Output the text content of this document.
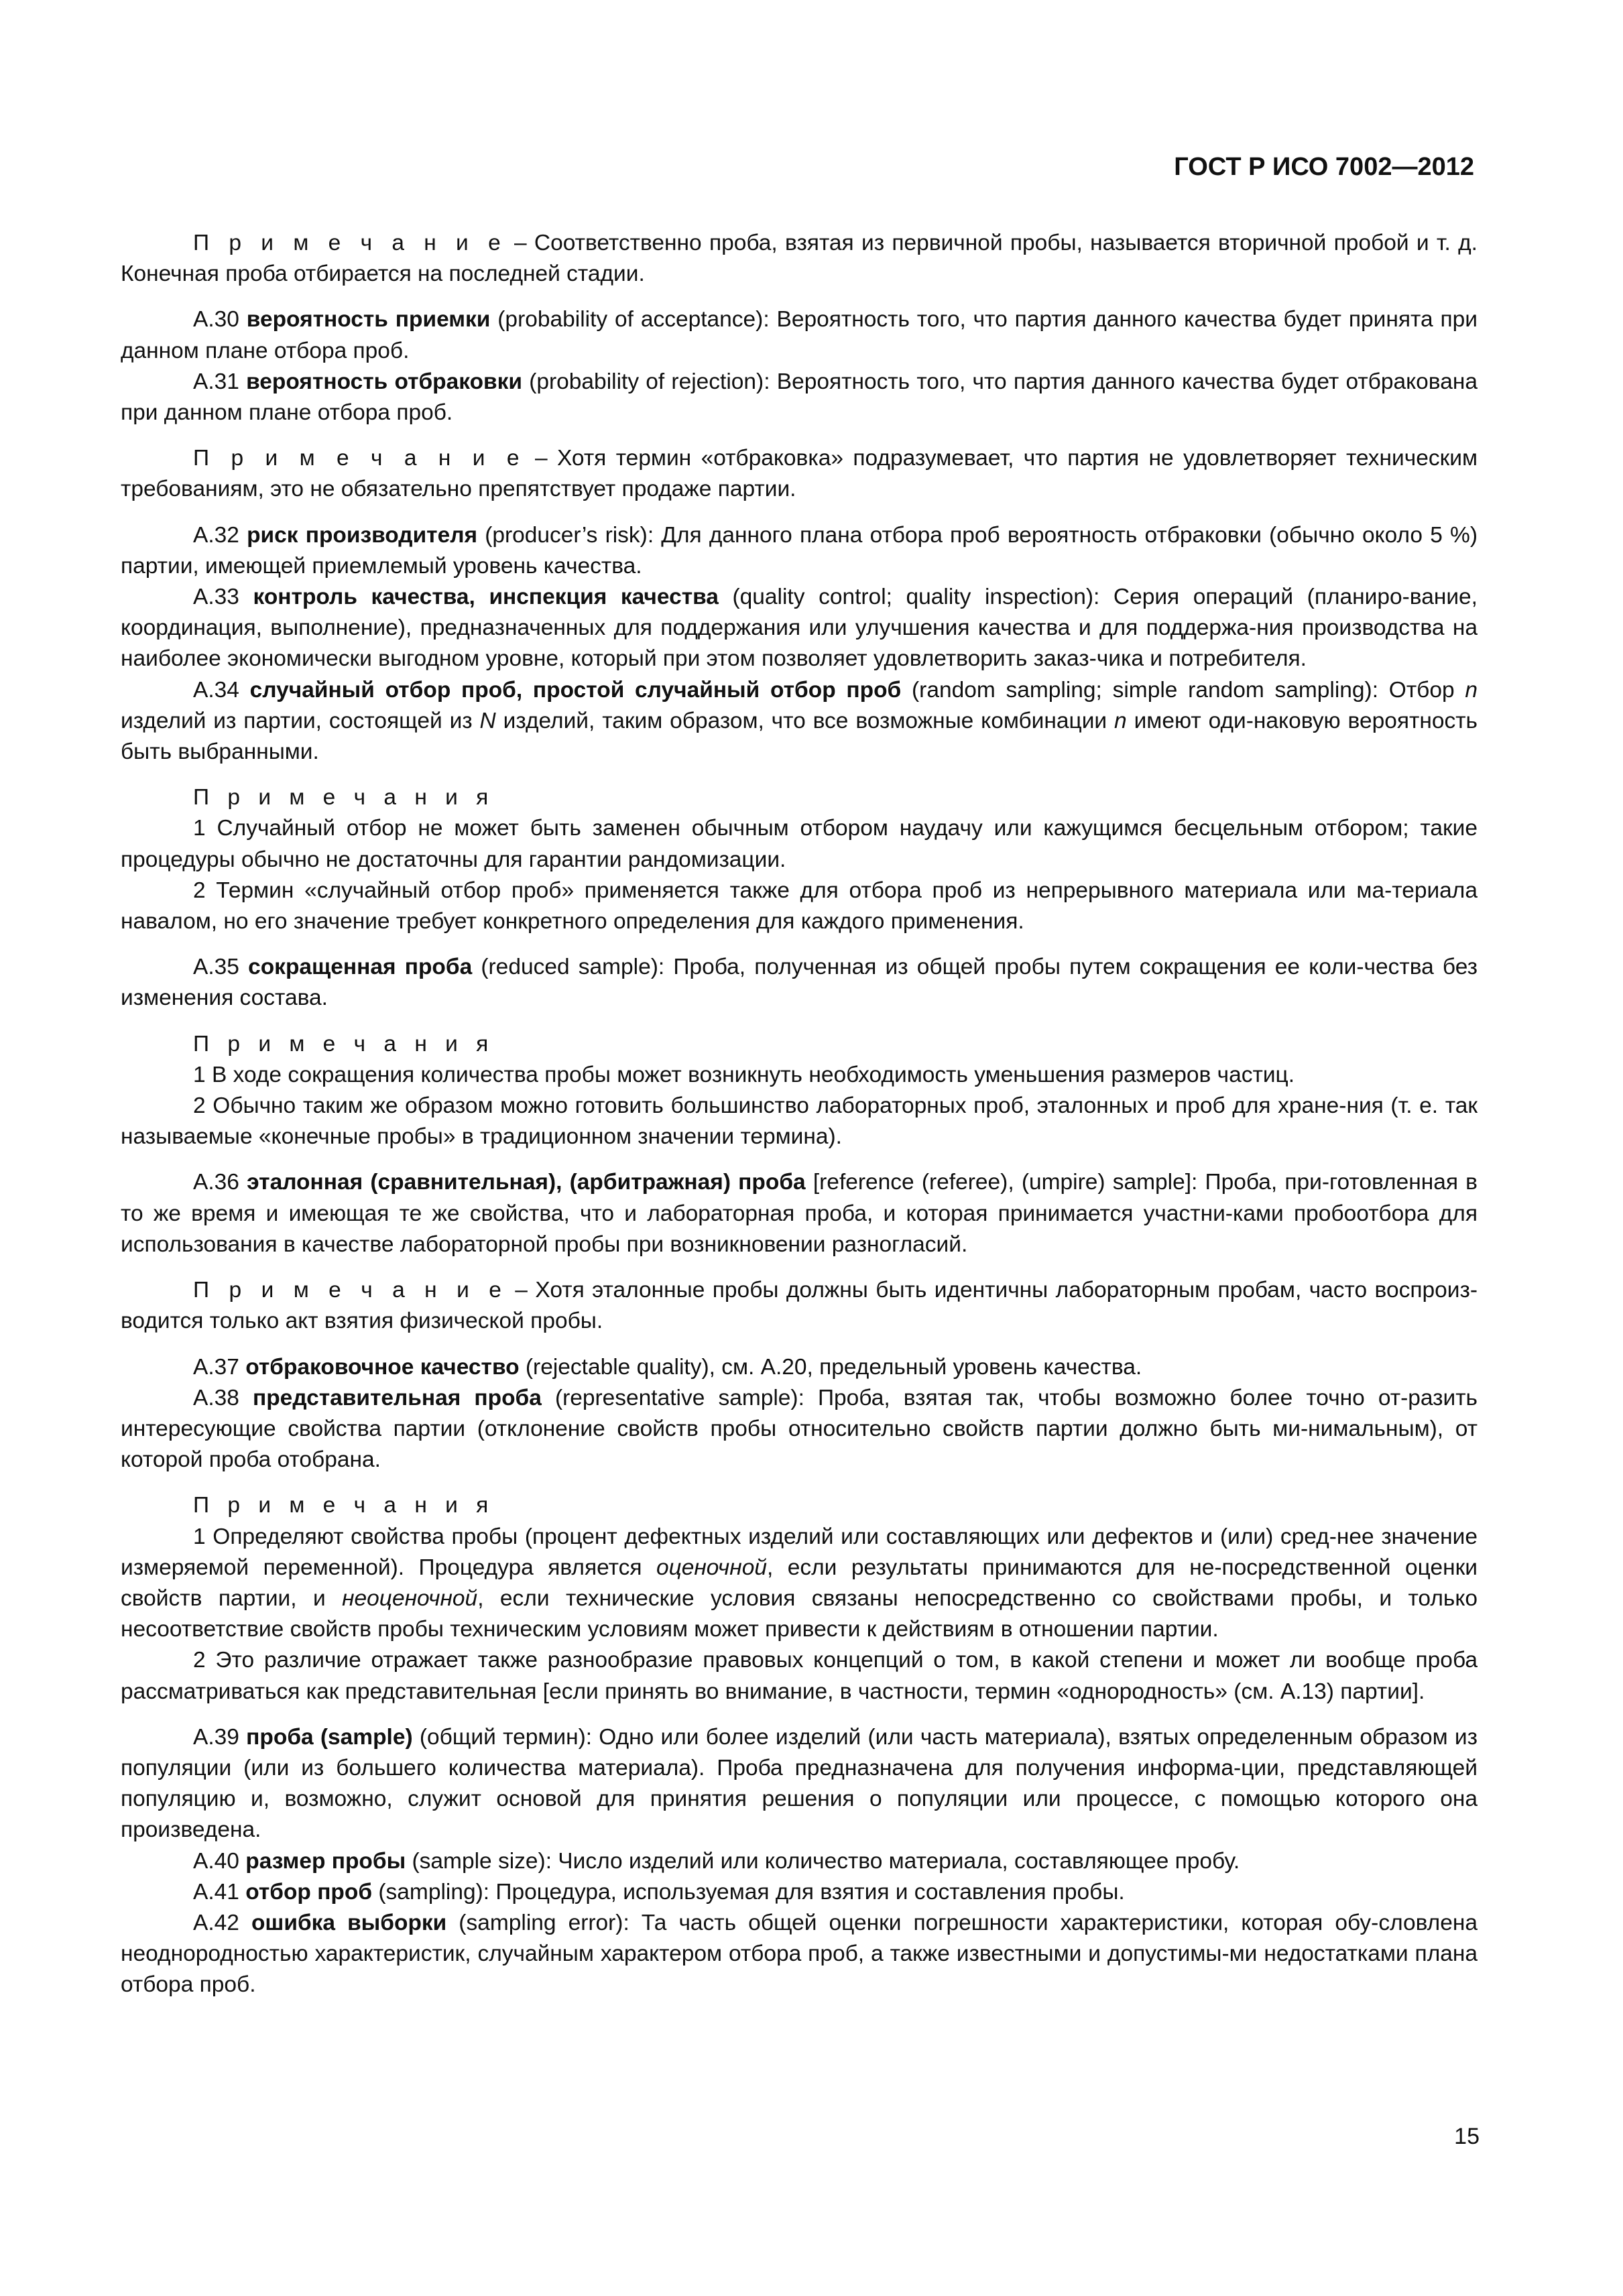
ГОСТ Р ИСО 7002—2012

П р и м е ч а н и е – Соответственно проба, взятая из первичной пробы, называется вторичной пробой и т. д. Конечная проба отбирается на последней стадии.

А.30 вероятность приемки (probability of acceptance): Вероятность того, что партия данного качества будет принята при данном плане отбора проб.

А.31 вероятность отбраковки (probability of rejection): Вероятность того, что партия данного качества будет отбракована при данном плане отбора проб.

П р и м е ч а н и е – Хотя термин «отбраковка» подразумевает, что партия не удовлетворяет техническим требованиям, это не обязательно препятствует продаже партии.

А.32 риск производителя (producer’s risk): Для данного плана отбора проб вероятность отбраковки (обычно около 5 %) партии, имеющей приемлемый уровень качества.

А.33 контроль качества, инспекция качества (quality control; quality inspection): Серия операций (планиро-вание, координация, выполнение), предназначенных для поддержания или улучшения качества и для поддержа-ния производства на наиболее экономически выгодном уровне, который при этом позволяет удовлетворить заказ-чика и потребителя.

А.34 случайный отбор проб, простой случайный отбор проб (random sampling; simple random sampling): Отбор n изделий из партии, состоящей из N изделий, таким образом, что все возможные комбинации n имеют оди-наковую вероятность быть выбранными.

П р и м е ч а н и я

1 Случайный отбор не может быть заменен обычным отбором наудачу или кажущимся бесцельным отбором; такие процедуры обычно не достаточны для гарантии рандомизации.

2 Термин «случайный отбор проб» применяется также для отбора проб из непрерывного материала или ма-териала навалом, но его значение требует конкретного определения для каждого применения.

А.35 сокращенная проба (reduced sample): Проба, полученная из общей пробы путем сокращения ее коли-чества без изменения состава.

П р и м е ч а н и я

1 В ходе сокращения количества пробы может возникнуть необходимость уменьшения размеров частиц.

2 Обычно таким же образом можно готовить большинство лабораторных проб, эталонных и проб для хране-ния (т. е. так называемые «конечные пробы» в традиционном значении термина).

А.36 эталонная (сравнительная), (арбитражная) проба [reference (referee), (umpire) sample]: Проба, при-готовленная в то же время и имеющая те же свойства, что и лабораторная проба, и которая принимается участни-ками пробоотбора для использования в качестве лабораторной пробы при возникновении разногласий.

П р и м е ч а н и е – Хотя эталонные пробы должны быть идентичны лабораторным пробам, часто воспроиз-водится только акт взятия физической пробы.

А.37 отбраковочное качество (rejectable quality), см. А.20, предельный уровень качества.

А.38 представительная проба (representative sample): Проба, взятая так, чтобы возможно более точно от-разить интересующие свойства партии (отклонение свойств пробы относительно свойств партии должно быть ми-нимальным), от которой проба отобрана.

П р и м е ч а н и я

1 Определяют свойства пробы (процент дефектных изделий или составляющих или дефектов и (или) сред-нее значение измеряемой переменной). Процедура является оценочной, если результаты принимаются для не-посредственной оценки свойств партии, и неоценочной, если технические условия связаны непосредственно со свойствами пробы, и только несоответствие свойств пробы техническим условиям может привести к действиям в отношении партии.

2 Это различие отражает также разнообразие правовых концепций о том, в какой степени и может ли вообще проба рассматриваться как представительная [если принять во внимание, в частности, термин «однородность» (см. А.13) партии].

А.39 проба (sample) (общий термин): Одно или более изделий (или часть материала), взятых определенным образом из популяции (или из большего количества материала). Проба предназначена для получения информа-ции, представляющей популяцию и, возможно, служит основой для принятия решения о популяции или процессе, с помощью которого она произведена.

А.40 размер пробы (sample size): Число изделий или количество материала, составляющее пробу.

А.41 отбор проб (sampling): Процедура, используемая для взятия и составления пробы.

А.42 ошибка выборки (sampling error): Та часть общей оценки погрешности характеристики, которая обу-словлена неоднородностью характеристик, случайным характером отбора проб, а также известными и допустимы-ми недостатками плана отбора проб.

15
